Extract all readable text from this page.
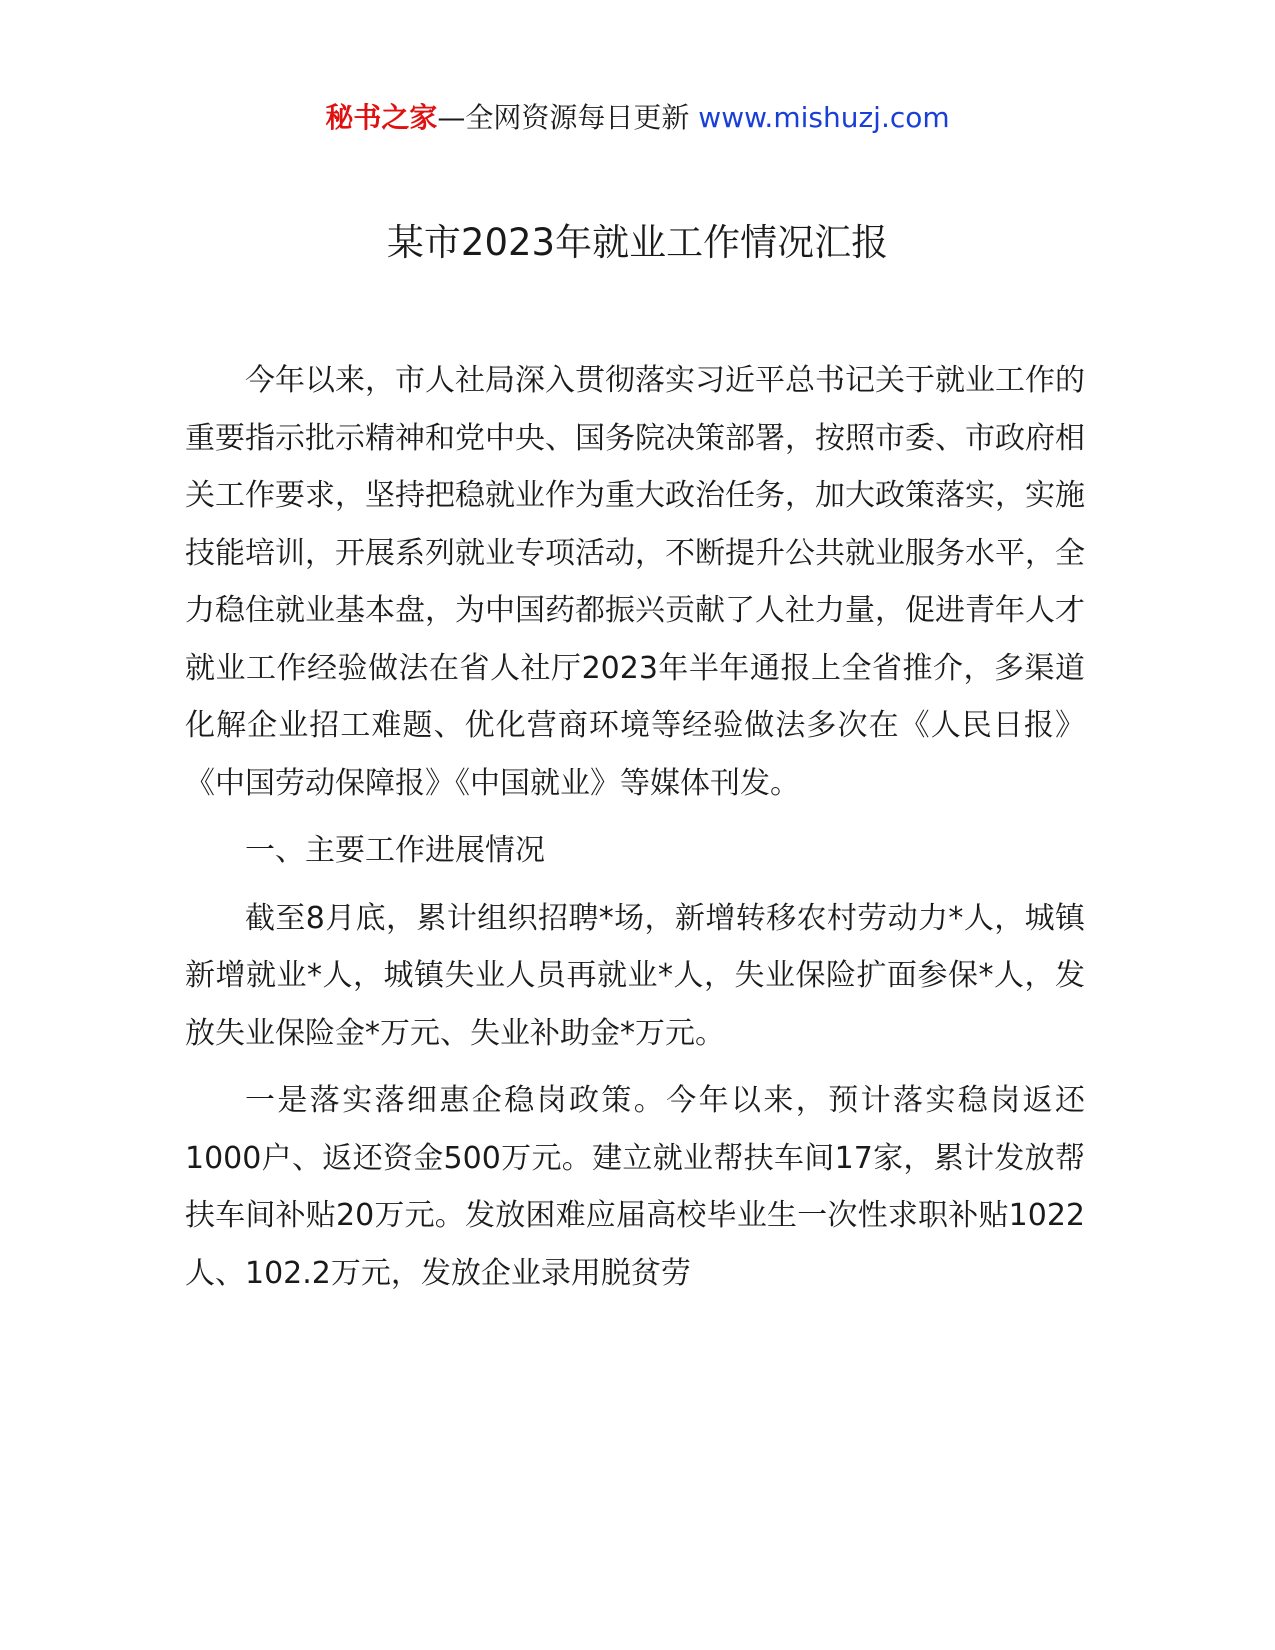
秘书之家—全网资源每日更新 www.mishuzj.com
某市2023年就业工作情况汇报

今年以来，市人社局深入贯彻落实习近平总书记关于就业工作的重要指示批示精神和党中央、国务院决策部署，按照市委、市政府相关工作要求，坚持把稳就业作为重大政治任务，加大政策落实，实施技能培训，开展系列就业专项活动，不断提升公共就业服务水平，全力稳住就业基本盘，为中国药都振兴贡献了人社力量，促进青年人才就业工作经验做法在省人社厅2023年半年通报上全省推介，多渠道化解企业招工难题、优化营商环境等经验做法多次在《人民日报》《中国劳动保障报》《中国就业》等媒体刊发。

一、主要工作进展情况

截至8月底，累计组织招聘*场，新增转移农村劳动力*人，城镇新增就业*人，城镇失业人员再就业*人，失业保险扩面参保*人，发放失业保险金*万元、失业补助金*万元。

一是落实落细惠企稳岗政策。今年以来，预计落实稳岗返还1000户、返还资金500万元。建立就业帮扶车间17家，累计发放帮扶车间补贴20万元。发放困难应届高校毕业生一次性求职补贴1022人、102.2万元，发放企业录用脱贫劳
